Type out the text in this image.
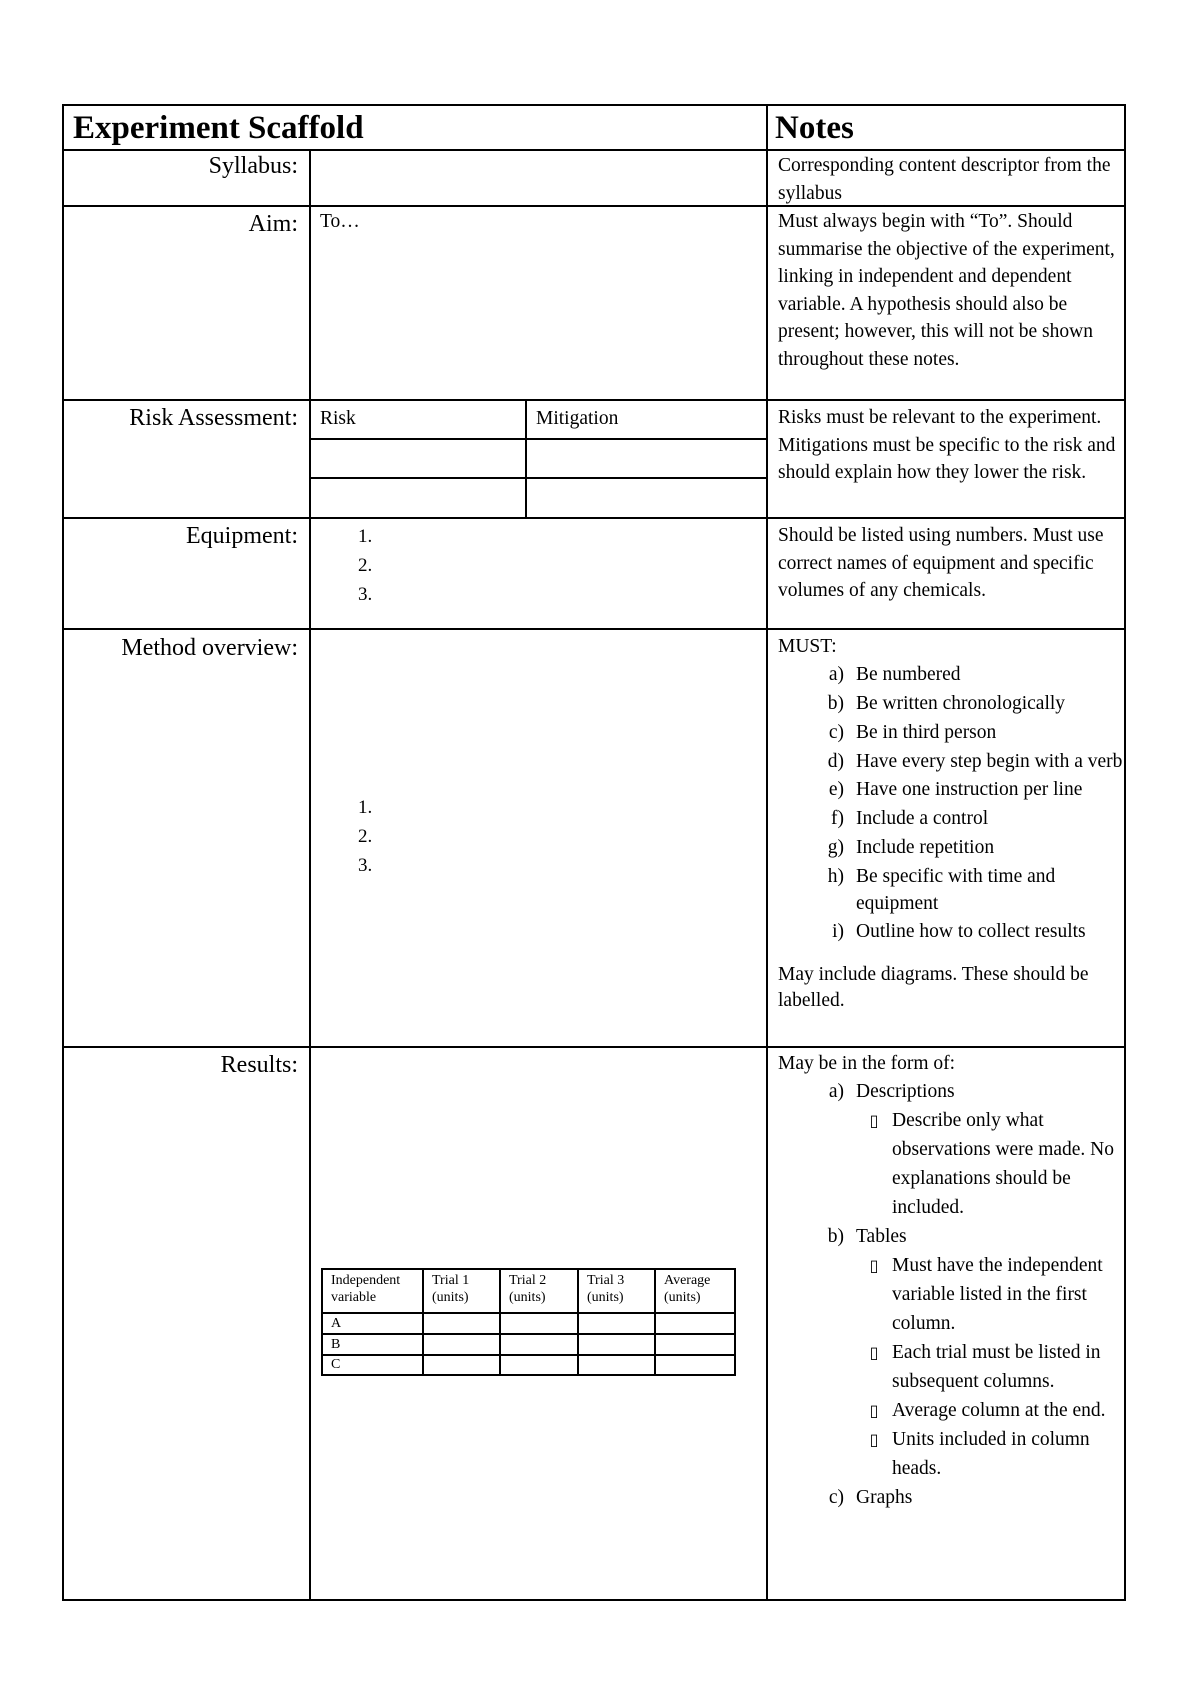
Experiment Scaffold	Notes
Syllabus:
Aim:
Risk Assessment:
Equipment:
Method overview:
Results:
To…
Risk	Mitigation
1.
2.
3.
1.
2.
3.
Corresponding content descriptor from the syllabus
Must always begin with “To”. Should summarise the objective of the experiment, linking in independent and dependent variable. A hypothesis should also be present; however, this will not be shown throughout these notes.
Risks must be relevant to the experiment. Mitigations must be specific to the risk and should explain how they lower the risk.
Should be listed using numbers. Must use correct names of equipment and specific volumes of any chemicals.
MUST:
a) Be numbered
b) Be written chronologically
c) Be in third person
d) Have every step begin with a verb
e) Have one instruction per line
f) Include a control
g) Include repetition
h) Be specific with time and equipment
i) Outline how to collect results
May include diagrams. These should be labelled.
May be in the form of:
a) Descriptions
▯ Describe only what observations were made. No explanations should be included.
b) Tables
▯ Must have the independent variable listed in the first column.
▯ Each trial must be listed in subsequent columns.
▯ Average column at the end.
▯ Units included in column heads.
c) Graphs
Independent variable
Trial 1 (units)
Trial 2 (units)
Trial 3 (units)
Average (units)
A
B
C
